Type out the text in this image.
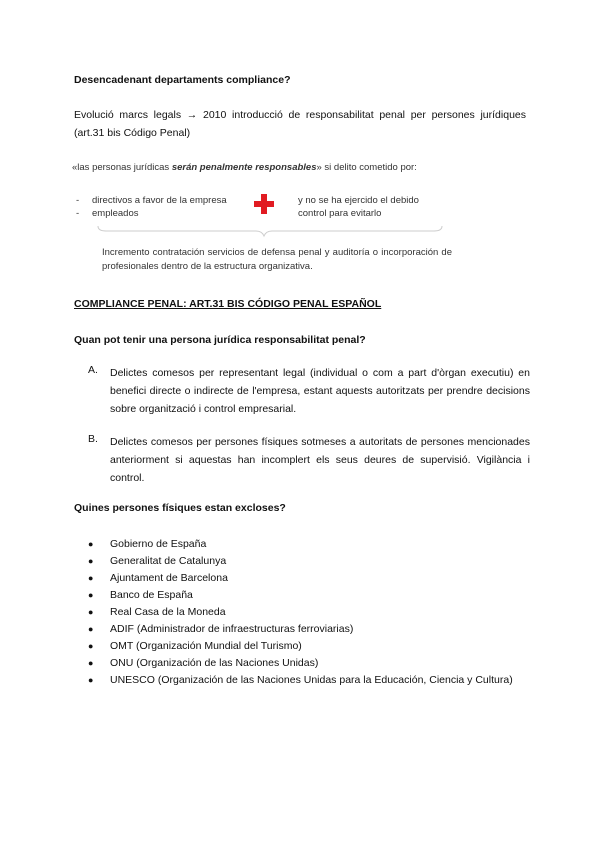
Desencadenant departaments compliance?
Evolució marcs legals → 2010 introducció de responsabilitat penal per persones jurídiques (art.31 bis Código Penal)
«las personas jurídicas serán penalmente responsables» si delito cometido por:
- directivos a favor de la empresa
- empleados
y no se ha ejercido el debido
control para evitarlo
Incremento contratación servicios de defensa penal y auditoría o incorporación de profesionales dentro de la estructura organizativa.
COMPLIANCE PENAL: ART.31 BIS CÓDIGO PENAL ESPAÑOL
Quan pot tenir una persona jurídica responsabilitat penal?
A. Delictes comesos per representant legal (individual o com a part d'òrgan executiu) en benefici directe o indirecte de l'empresa, estant aquests autoritzats per prendre decisions sobre organització i control empresarial.
B. Delictes comesos per persones físiques sotmeses a autoritats de persones mencionades anteriorment si aquestas han incomplert els seus deures de supervisió. Vigilància i control.
Quines persones físiques estan excloses?
● Gobierno de España
● Generalitat de Catalunya
● Ajuntament de Barcelona
● Banco de España
● Real Casa de la Moneda
● ADIF (Administrador de infraestructuras ferroviarias)
● OMT (Organización Mundial del Turismo)
● ONU (Organización de las Naciones Unidas)
● UNESCO (Organización de las Naciones Unidas para la Educación, Ciencia y Cultura)
